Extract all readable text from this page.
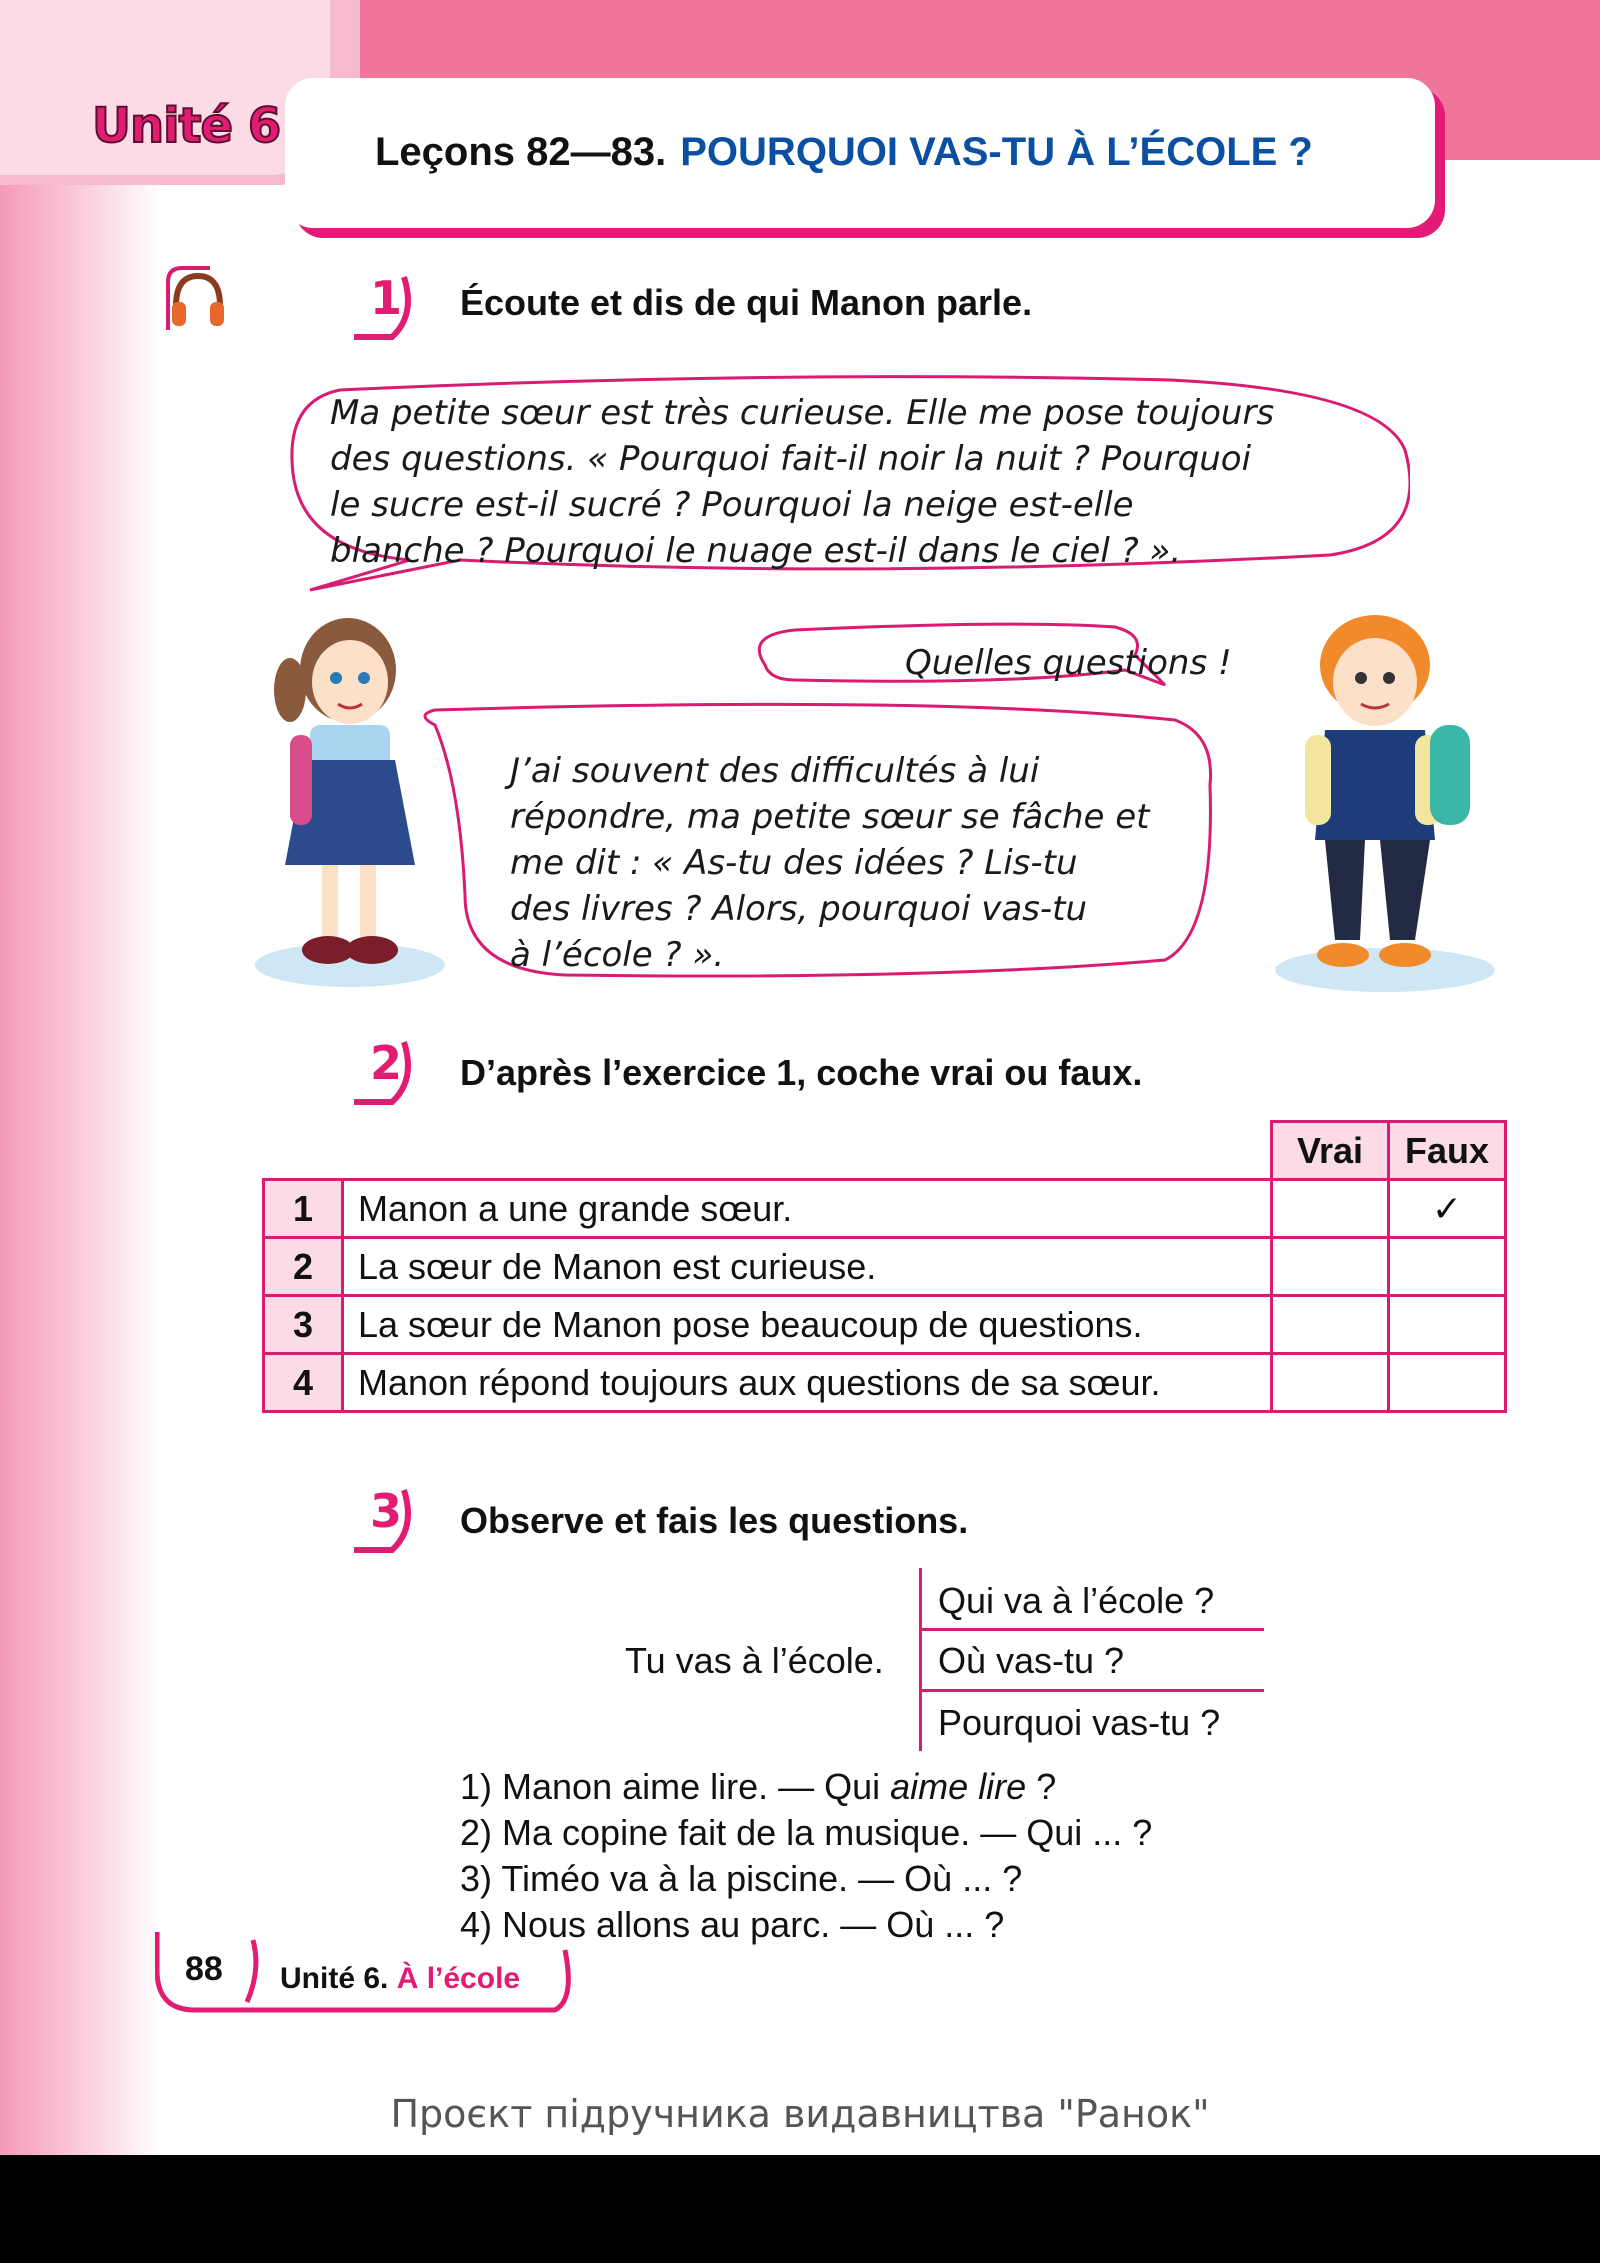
Unité 6 Leçons 82—83. POURQUOI VAS-TU À L’ÉCOLE ?
1 Écoute et dis de qui Manon parle.
Ma petite sœur est très curieuse. Elle me pose toujours
des questions. « Pourquoi fait-il noir la nuit ? Pourquoi
le sucre est-il sucré ? Pourquoi la neige est-elle
blanche ? Pourquoi le nuage est-il dans le ciel ? ».
Quelles questions !
J’ai souvent des difficultés à lui
répondre, ma petite sœur se fâche et
me dit : « As-tu des idées ? Lis-tu
des livres ? Alors, pourquoi vas-tu
à l’école ? ».
2 D’après l’exercice 1, coche vrai ou faux.
		Vrai	Faux
1	Manon a une grande sœur.		✓
2	La sœur de Manon est curieuse.		
3	La sœur de Manon pose beaucoup de questions.		
4	Manon répond toujours aux questions de sa sœur.		
3 Observe et fais les questions.
Tu vas à l’école.
Qui va à l’école ?
Où vas-tu ?
Pourquoi vas-tu ?
1) Manon aime lire. — Qui aime lire ?
2) Ma copine fait de la musique. — Qui ... ?
3) Timéo va à la piscine. — Où ... ?
4) Nous allons au parc. — Où ... ?
88 Unité 6. À l’école
Проєкт підручника видавництва "Ранок"
